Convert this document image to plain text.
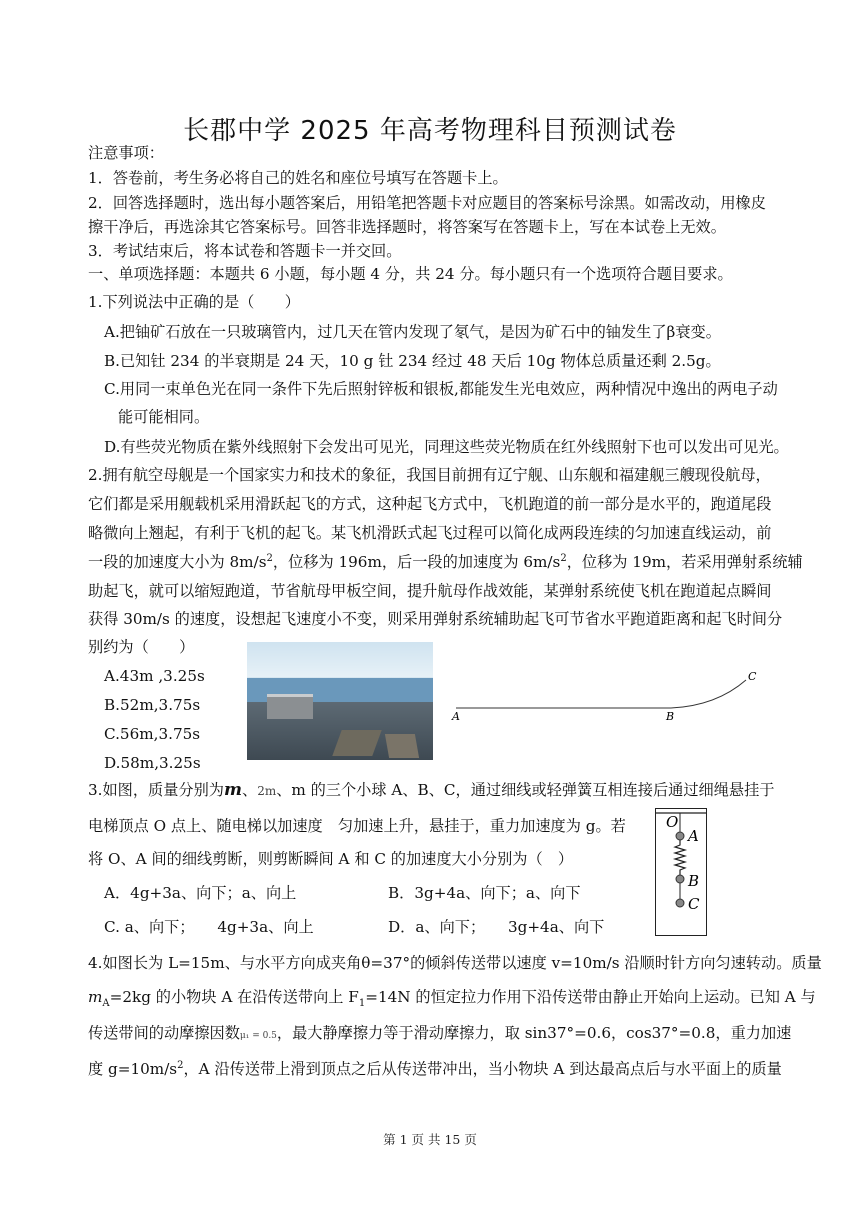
长郡中学 2025 年高考物理科目预测试卷
注意事项：
1．答卷前，考生务必将自己的姓名和座位号填写在答题卡上。
2．回答选择题时，选出每小题答案后，用铅笔把答题卡对应题目的答案标号涂黑。如需改动，用橡皮
擦干净后，再选涂其它答案标号。回答非选择题时，将答案写在答题卡上，写在本试卷上无效。
3．考试结束后，将本试卷和答题卡一并交回。
一、单项选择题：本题共 6 小题，每小题 4 分，共 24 分。每小题只有一个选项符合题目要求。
1.下列说法中正确的是（　　）
A.把铀矿石放在一只玻璃管内，过几天在管内发现了氡气，是因为矿石中的铀发生了β衰变。
B.已知钍 234 的半衰期是 24 天，10 g 钍 234 经过 48 天后 10g 物体总质量还剩 2.5g。
C.用同一束单色光在同一条件下先后照射锌板和银板,都能发生光电效应，两种情况中逸出的两电子动
能可能相同。
D.有些荧光物质在紫外线照射下会发出可见光，同理这些荧光物质在红外线照射下也可以发出可见光。
2.拥有航空母舰是一个国家实力和技术的象征，我国目前拥有辽宁舰、山东舰和福建舰三艘现役航母，
它们都是采用舰载机采用滑跃起飞的方式，这种起飞方式中，飞机跑道的前一部分是水平的，跑道尾段
略微向上翘起，有利于飞机的起飞。某飞机滑跃式起飞过程可以简化成两段连续的匀加速直线运动，前
一段的加速度大小为 $8m/s^2$，位移为 196m，后一段的加速度为 $6m/s^2$，位移为 19m，若采用弹射系统辅
助起飞，就可以缩短跑道，节省航母甲板空间，提升航母作战效能，某弹射系统使飞机在跑道起点瞬间
获得 30m/s 的速度，设想起飞速度小不变，则采用弹射系统辅助起飞可节省水平跑道距离和起飞时间分
别约为（　　）
A.43m ,3.25s
B.52m,3.75s
C.56m,3.75s
D.58m,3.25s
A	B
C
3.如图，质量分别为m、2m、m 的三个小球 A、B、C，通过细线或轻弹簧互相连接后通过细绳悬挂于
电梯顶点 O 点上、随电梯以加速度　匀加速上升，悬挂于，重力加速度为 g。若
将 O、A 间的细线剪断，则剪断瞬间 A 和 C 的加速度大小分别为（　）
A．4g+3a、向下；a、向上	B．3g+4a、向下；a、向下
C. a、向下；　　4g+3a、向上	D．a、向下；　　3g+4a、向下
O
A
B
C
4.如图长为 L=15m、与水平方向成夹角θ=37°的倾斜传送带以速度 v=10m/s 沿顺时针方向匀速转动。质量
$m_A=2kg$ 的小物块 A 在沿传送带向上 $F_1=14N$ 的恒定拉力作用下沿传送带由静止开始向上运动。已知 A 与
传送带间的动摩擦因数μ₁ = 0.5，最大静摩擦力等于滑动摩擦力，取 sin37°=0.6，cos37°=0.8，重力加速
度 $g=10m/s^2$，A 沿传送带上滑到顶点之后从传送带冲出，当小物块 A 到达最高点后与水平面上的质量
第 1 页 共 15 页
